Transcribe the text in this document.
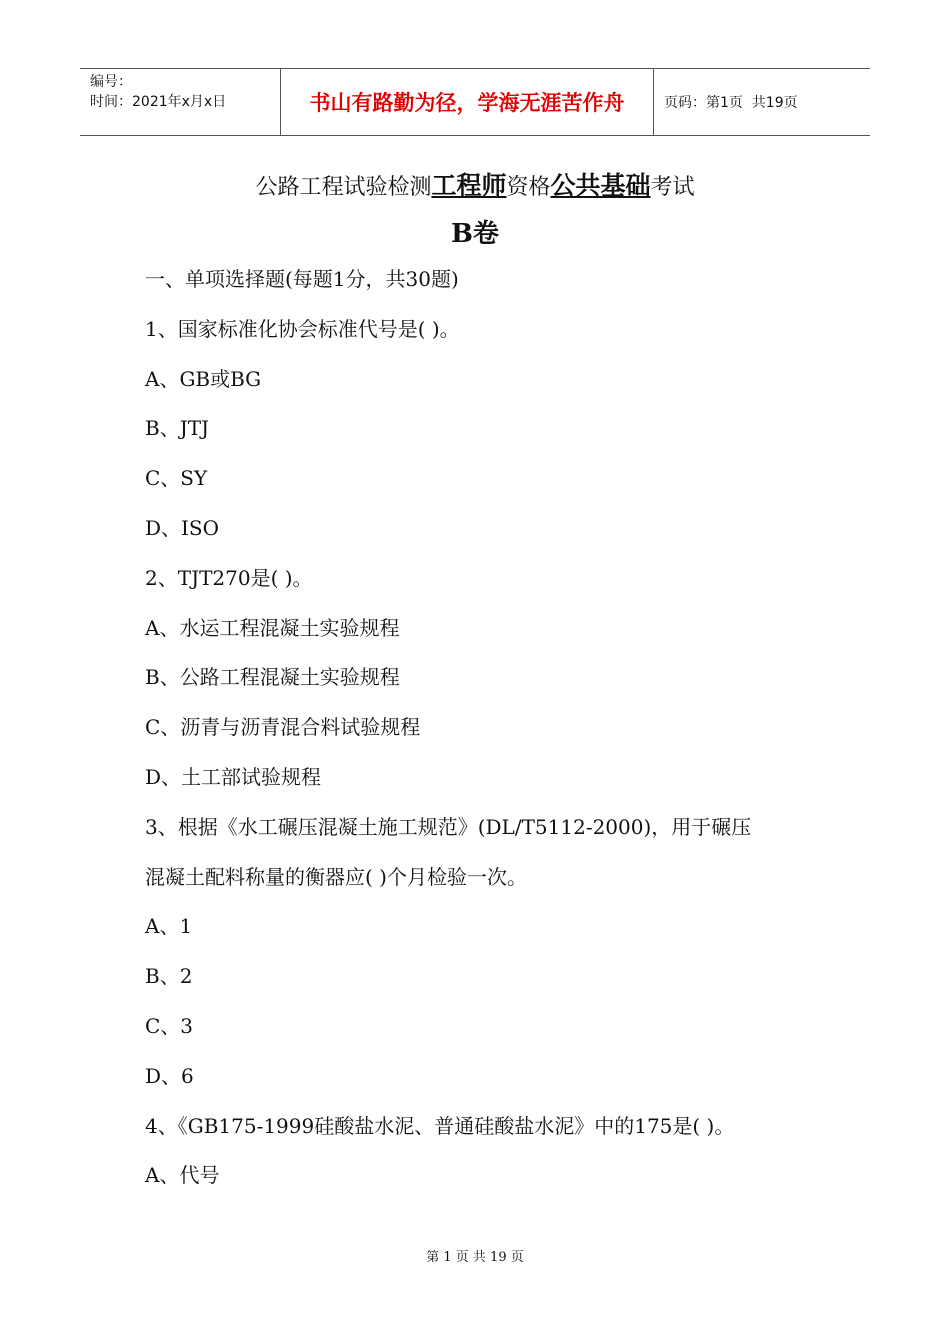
编号：
时间：2021年x月x日	书山有路勤为径，学海无涯苦作舟	页码：第1页  共19页
公路工程试验检测工程师资格公共基础考试
B卷
一、单项选择题(每题1分，共30题)
1、国家标准化协会标准代号是( )。
A、GB或BG
B、JTJ
C、SY
D、ISO
2、TJT270是( )。
A、水运工程混凝土实验规程
B、公路工程混凝土实验规程
C、沥青与沥青混合料试验规程
D、土工部试验规程
3、根据《水工碾压混凝土施工规范》(DL/T5112-2000)，用于碾压
混凝土配料称量的衡器应( )个月检验一次。
A、1
B、2
C、3
D、6
4、《GB175-1999硅酸盐水泥、普通硅酸盐水泥》中的175是( )。
A、代号
第 1 页 共 19 页
